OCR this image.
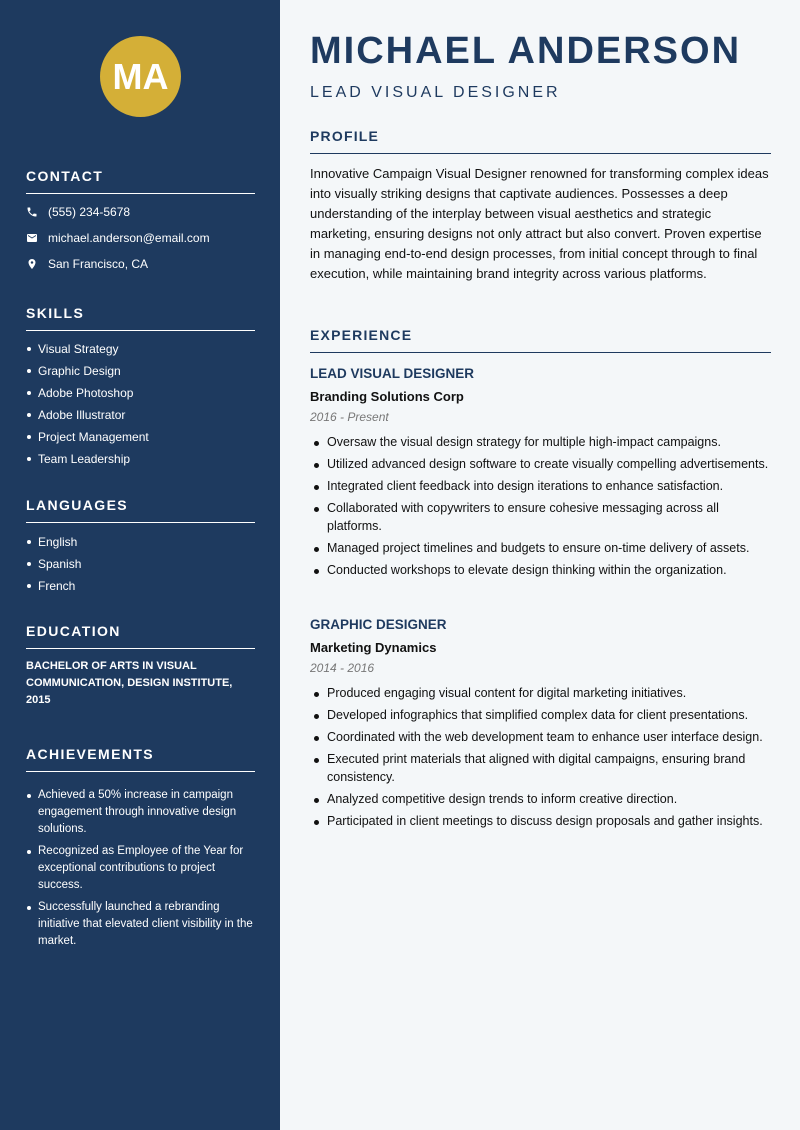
MA
CONTACT
(555) 234-5678
michael.anderson@email.com
San Francisco, CA
SKILLS
Visual Strategy
Graphic Design
Adobe Photoshop
Adobe Illustrator
Project Management
Team Leadership
LANGUAGES
English
Spanish
French
EDUCATION
BACHELOR OF ARTS IN VISUAL COMMUNICATION, DESIGN INSTITUTE, 2015
ACHIEVEMENTS
Achieved a 50% increase in campaign engagement through innovative design solutions.
Recognized as Employee of the Year for exceptional contributions to project success.
Successfully launched a rebranding initiative that elevated client visibility in the market.
MICHAEL ANDERSON
LEAD VISUAL DESIGNER
PROFILE

Innovative Campaign Visual Designer renowned for transforming complex ideas into visually striking designs that captivate audiences. Possesses a deep understanding of the interplay between visual aesthetics and strategic marketing, ensuring designs not only attract but also convert. Proven expertise in managing end-to-end design processes, from initial concept through to final execution, while maintaining brand integrity across various platforms.

EXPERIENCE
LEAD VISUAL DESIGNER
Branding Solutions Corp
2016 - Present
Oversaw the visual design strategy for multiple high-impact campaigns.
Utilized advanced design software to create visually compelling advertisements.
Integrated client feedback into design iterations to enhance satisfaction.
Collaborated with copywriters to ensure cohesive messaging across all platforms.
Managed project timelines and budgets to ensure on-time delivery of assets.
Conducted workshops to elevate design thinking within the organization.
GRAPHIC DESIGNER
Marketing Dynamics
2014 - 2016
Produced engaging visual content for digital marketing initiatives.
Developed infographics that simplified complex data for client presentations.
Coordinated with the web development team to enhance user interface design.
Executed print materials that aligned with digital campaigns, ensuring brand consistency.
Analyzed competitive design trends to inform creative direction.
Participated in client meetings to discuss design proposals and gather insights.
